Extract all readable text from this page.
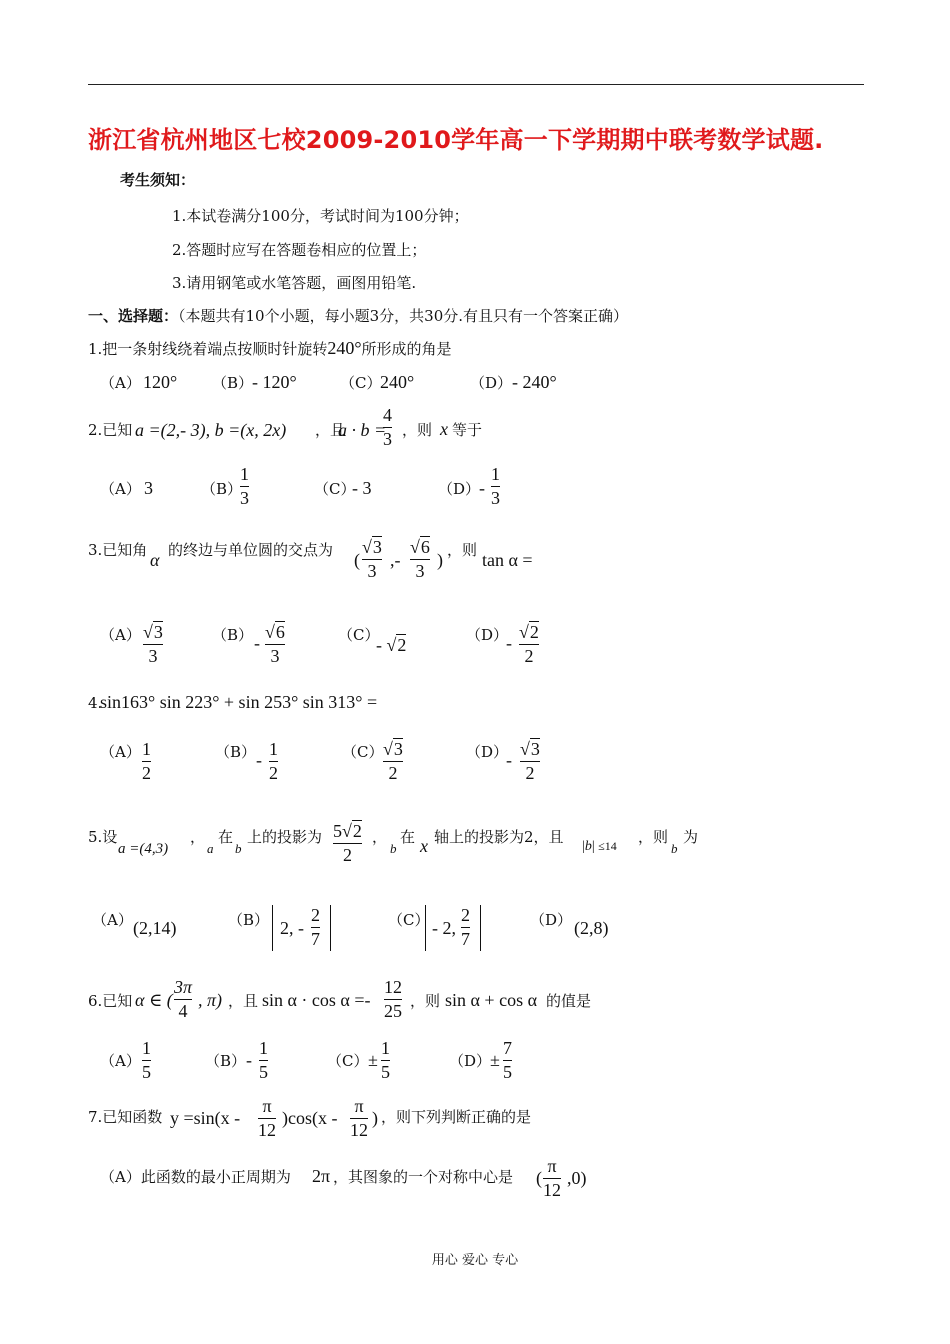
浙江省杭州地区七校2009-2010学年高一下学期期中联考数学试题.
考生须知：
1.本试卷满分100分，考试时间为100分钟；
2.答题时应写在答题卷相应的位置上；
3.请用钢笔或水笔答题，画图用铅笔.
一、选择题：（本题共有10个小题，每小题3分，共30分.有且只有一个答案正确）
1.把一条射线绕着端点按顺时针旋转240°所形成的角是
（A） 120° （B）
- 120°	（C）
240°	（D） - 240°
2.已知 a =(2,- 3), b =(x, 2x) ，且
a · b =
4
3 ，则 x 等于
（A） 3	（B）
1
3	（C）
- 3	（D）
-
1
3
3.已知角 α 的终边与单位圆的交点为 (
√3
3
,-
√6
3
) ，则 tan α =
（A） √3
3
（B） -
√6
3
（C）
- √2	（D）
-
√2
2
4.
sin163° sin 223° + sin 253° sin 313° =
（A） 1
2
（B） -
1
2
（C） √3
2
（D）
-
√3
2
5.设
a =(4,3)
，
a
在
b
上的投影为 5√2
2
，
b
在 x 轴上的投影为2，且
|b| ≤14 ，则
b
为
（A） (2,14)	（B） 2, -
2
7
（C） - 2,
2
7
（D） (2,8)
6.已知 α ∈ (
3π
4
, π) ，且 sin α · cos α =-
12
25 ，则 sin α + cos α 的值是
（A）
1
5
（B） -
1
5
（C） ±
1
5
（D）
±
7
5
7.已知函数 y =sin(x -
π
12
)cos(x -
π
12
) ，则下列判断正确的是
（A）此函数的最小正周期为 2π ，其图象的一个对称中心是 (
π
12
,0)
用心 爱心 专心
